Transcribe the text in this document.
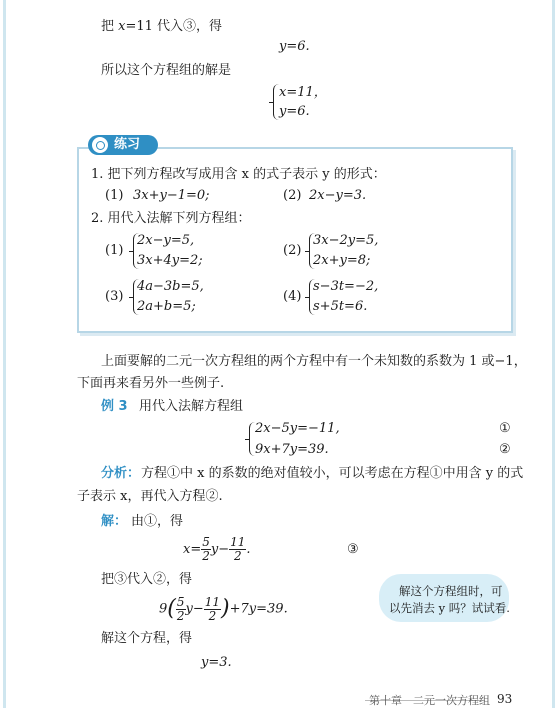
把 x=11 代入③，得
y=6.
所以这个方程组的解是
x=11，
y=6.
练习
1. 把下列方程改写成用含 x 的式子表示 y 的形式：
(1) 3x+y−1=0;	(2) 2x−y=3.
2. 用代入法解下列方程组：
(1)
2x−y=5,
3x+4y=2;
(2)
3x−2y=5,
2x+y=8;
(3)
4a−3b=5,
2a+b=5;
(4)
s−3t=−2,
s+5t=6.
上面要解的二元一次方程组的两个方程中有一个未知数的系数为 1 或−1，
下面再来看另外一些例子.
例 3 用代入法解方程组
2x−5y=−11,	①
9x+7y=39.	②
分析： 方程①中 x 的系数的绝对值较小，可以考虑在方程①中用含 y 的式
子表示 x，再代入方程②.
解： 由①，得
$x= \frac{5}{2} y- \frac{11}{2}$ .	③
把③代入②，得
$9( \frac{5}{2} y- \frac{11}{2} )+7y=39$.
解这个方程，得
y=3.
解这个方程组时，可
以先消去 y 吗？试试看.
第十章　二元一次方程组 93
